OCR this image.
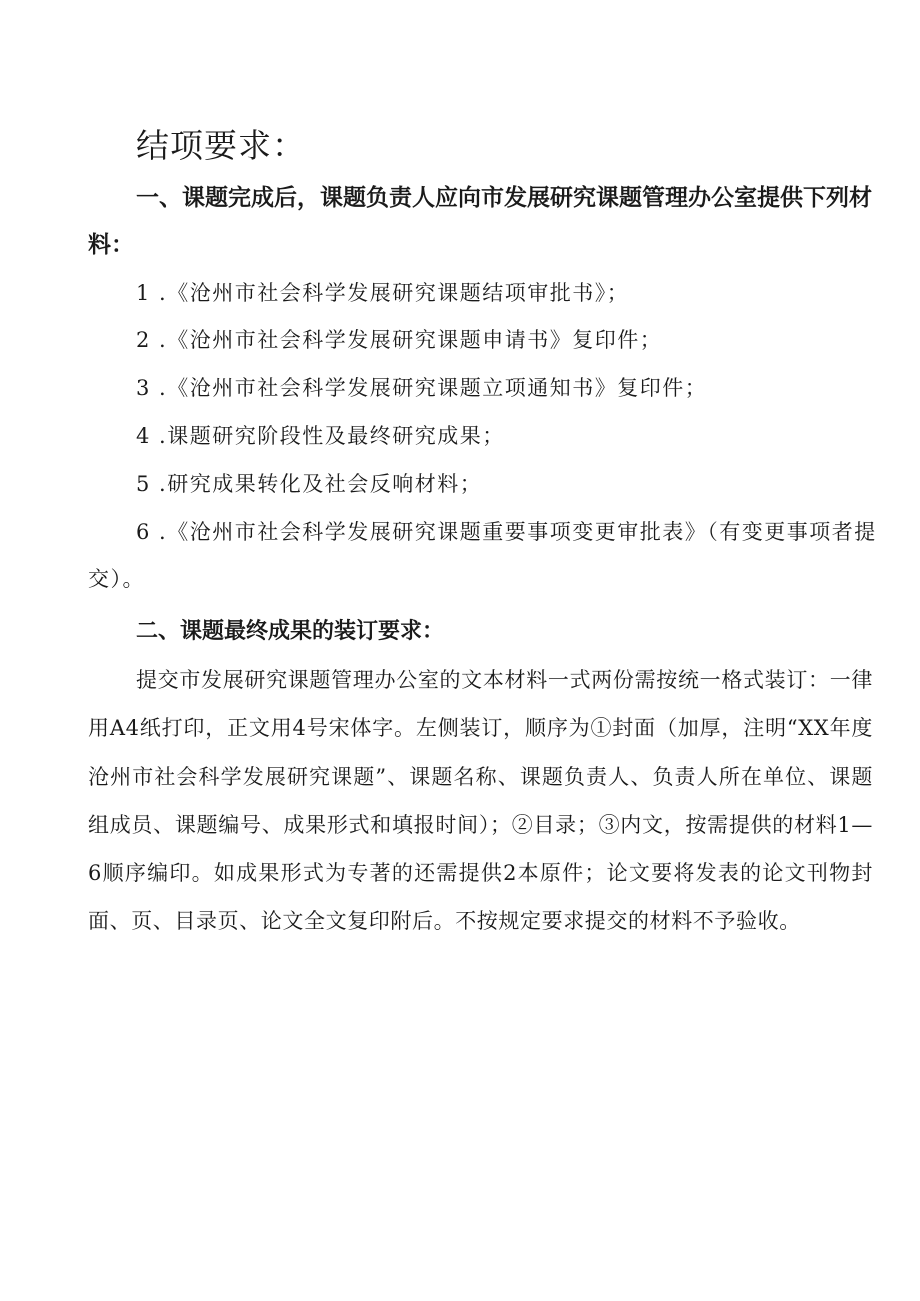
结项要求：

一、课题完成后，课题负责人应向市发展研究课题管理办公室提供下列材料：

1 .《沧州市社会科学发展研究课题结项审批书》；

2 .《沧州市社会科学发展研究课题申请书》复印件；

3 .《沧州市社会科学发展研究课题立项通知书》复印件；

4 .课题研究阶段性及最终研究成果；

5 .研究成果转化及社会反响材料；

6 .《沧州市社会科学发展研究课题重要事项变更审批表》（有变更事项者提交）。

二、课题最终成果的装订要求：

提交市发展研究课题管理办公室的文本材料一式两份需按统一格式装订：一律用A4纸打印，正文用4号宋体字。左侧装订，顺序为①封面（加厚，注明“XX年度沧州市社会科学发展研究课题”、课题名称、课题负责人、负责人所在单位、课题组成员、课题编号、成果形式和填报时间）；②目录；③内文，按需提供的材料1—6顺序编印。如成果形式为专著的还需提供2本原件；论文要将发表的论文刊物封面、页、目录页、论文全文复印附后。不按规定要求提交的材料不予验收。
